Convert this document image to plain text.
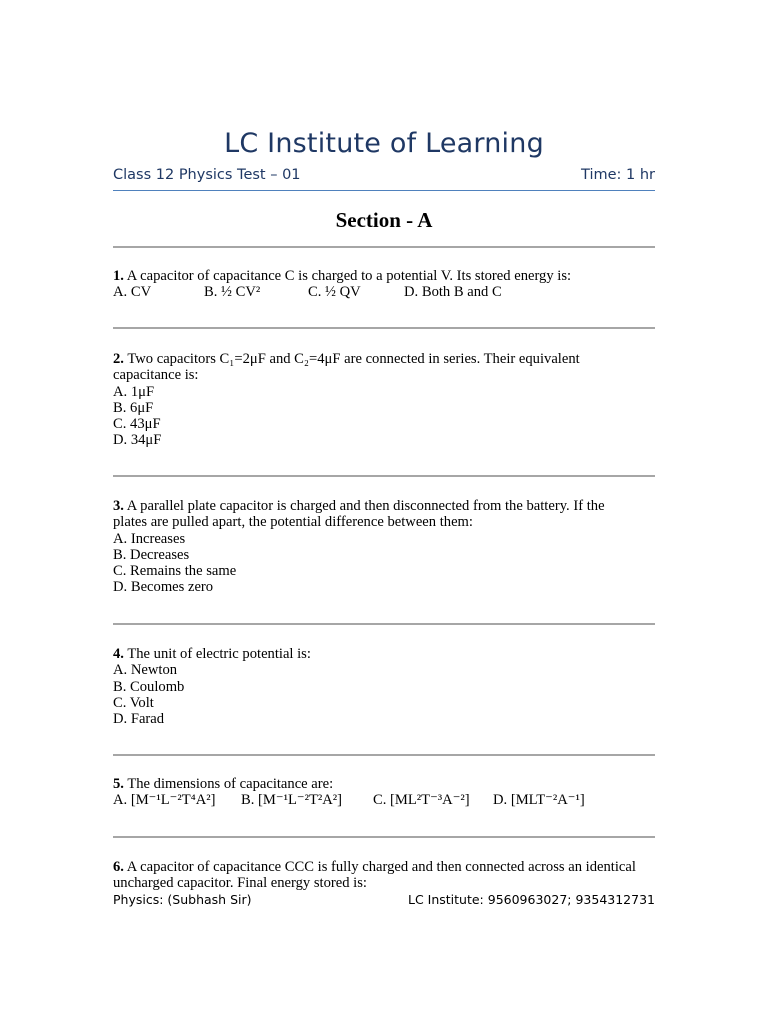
LC Institute of Learning
Class 12 Physics Test – 01	Time: 1 hr
Section - A
1. A capacitor of capacitance C is charged to a potential V. Its stored energy is:
A. CV	B. ½ CV²	C. ½ QV	D. Both B and C
2. Two capacitors C₁=2μF and C₂=4μF are connected in series. Their equivalent
capacitance is:
A. 1μF
B. 6μF
C. 43μF
D. 34μF
3. A parallel plate capacitor is charged and then disconnected from the battery. If the
plates are pulled apart, the potential difference between them:
A. Increases
B. Decreases
C. Remains the same
D. Becomes zero
4. The unit of electric potential is:
A. Newton
B. Coulomb
C. Volt
D. Farad
5. The dimensions of capacitance are:
A. [M⁻¹L⁻²T⁴A²]	B. [M⁻¹L⁻²T²A²]	C. [ML²T⁻³A⁻²]	D. [MLT⁻²A⁻¹]
6. A capacitor of capacitance CCC is fully charged and then connected across an identical
uncharged capacitor. Final energy stored is:
Physics: (Subhash Sir)	LC Institute: 9560963027; 9354312731
